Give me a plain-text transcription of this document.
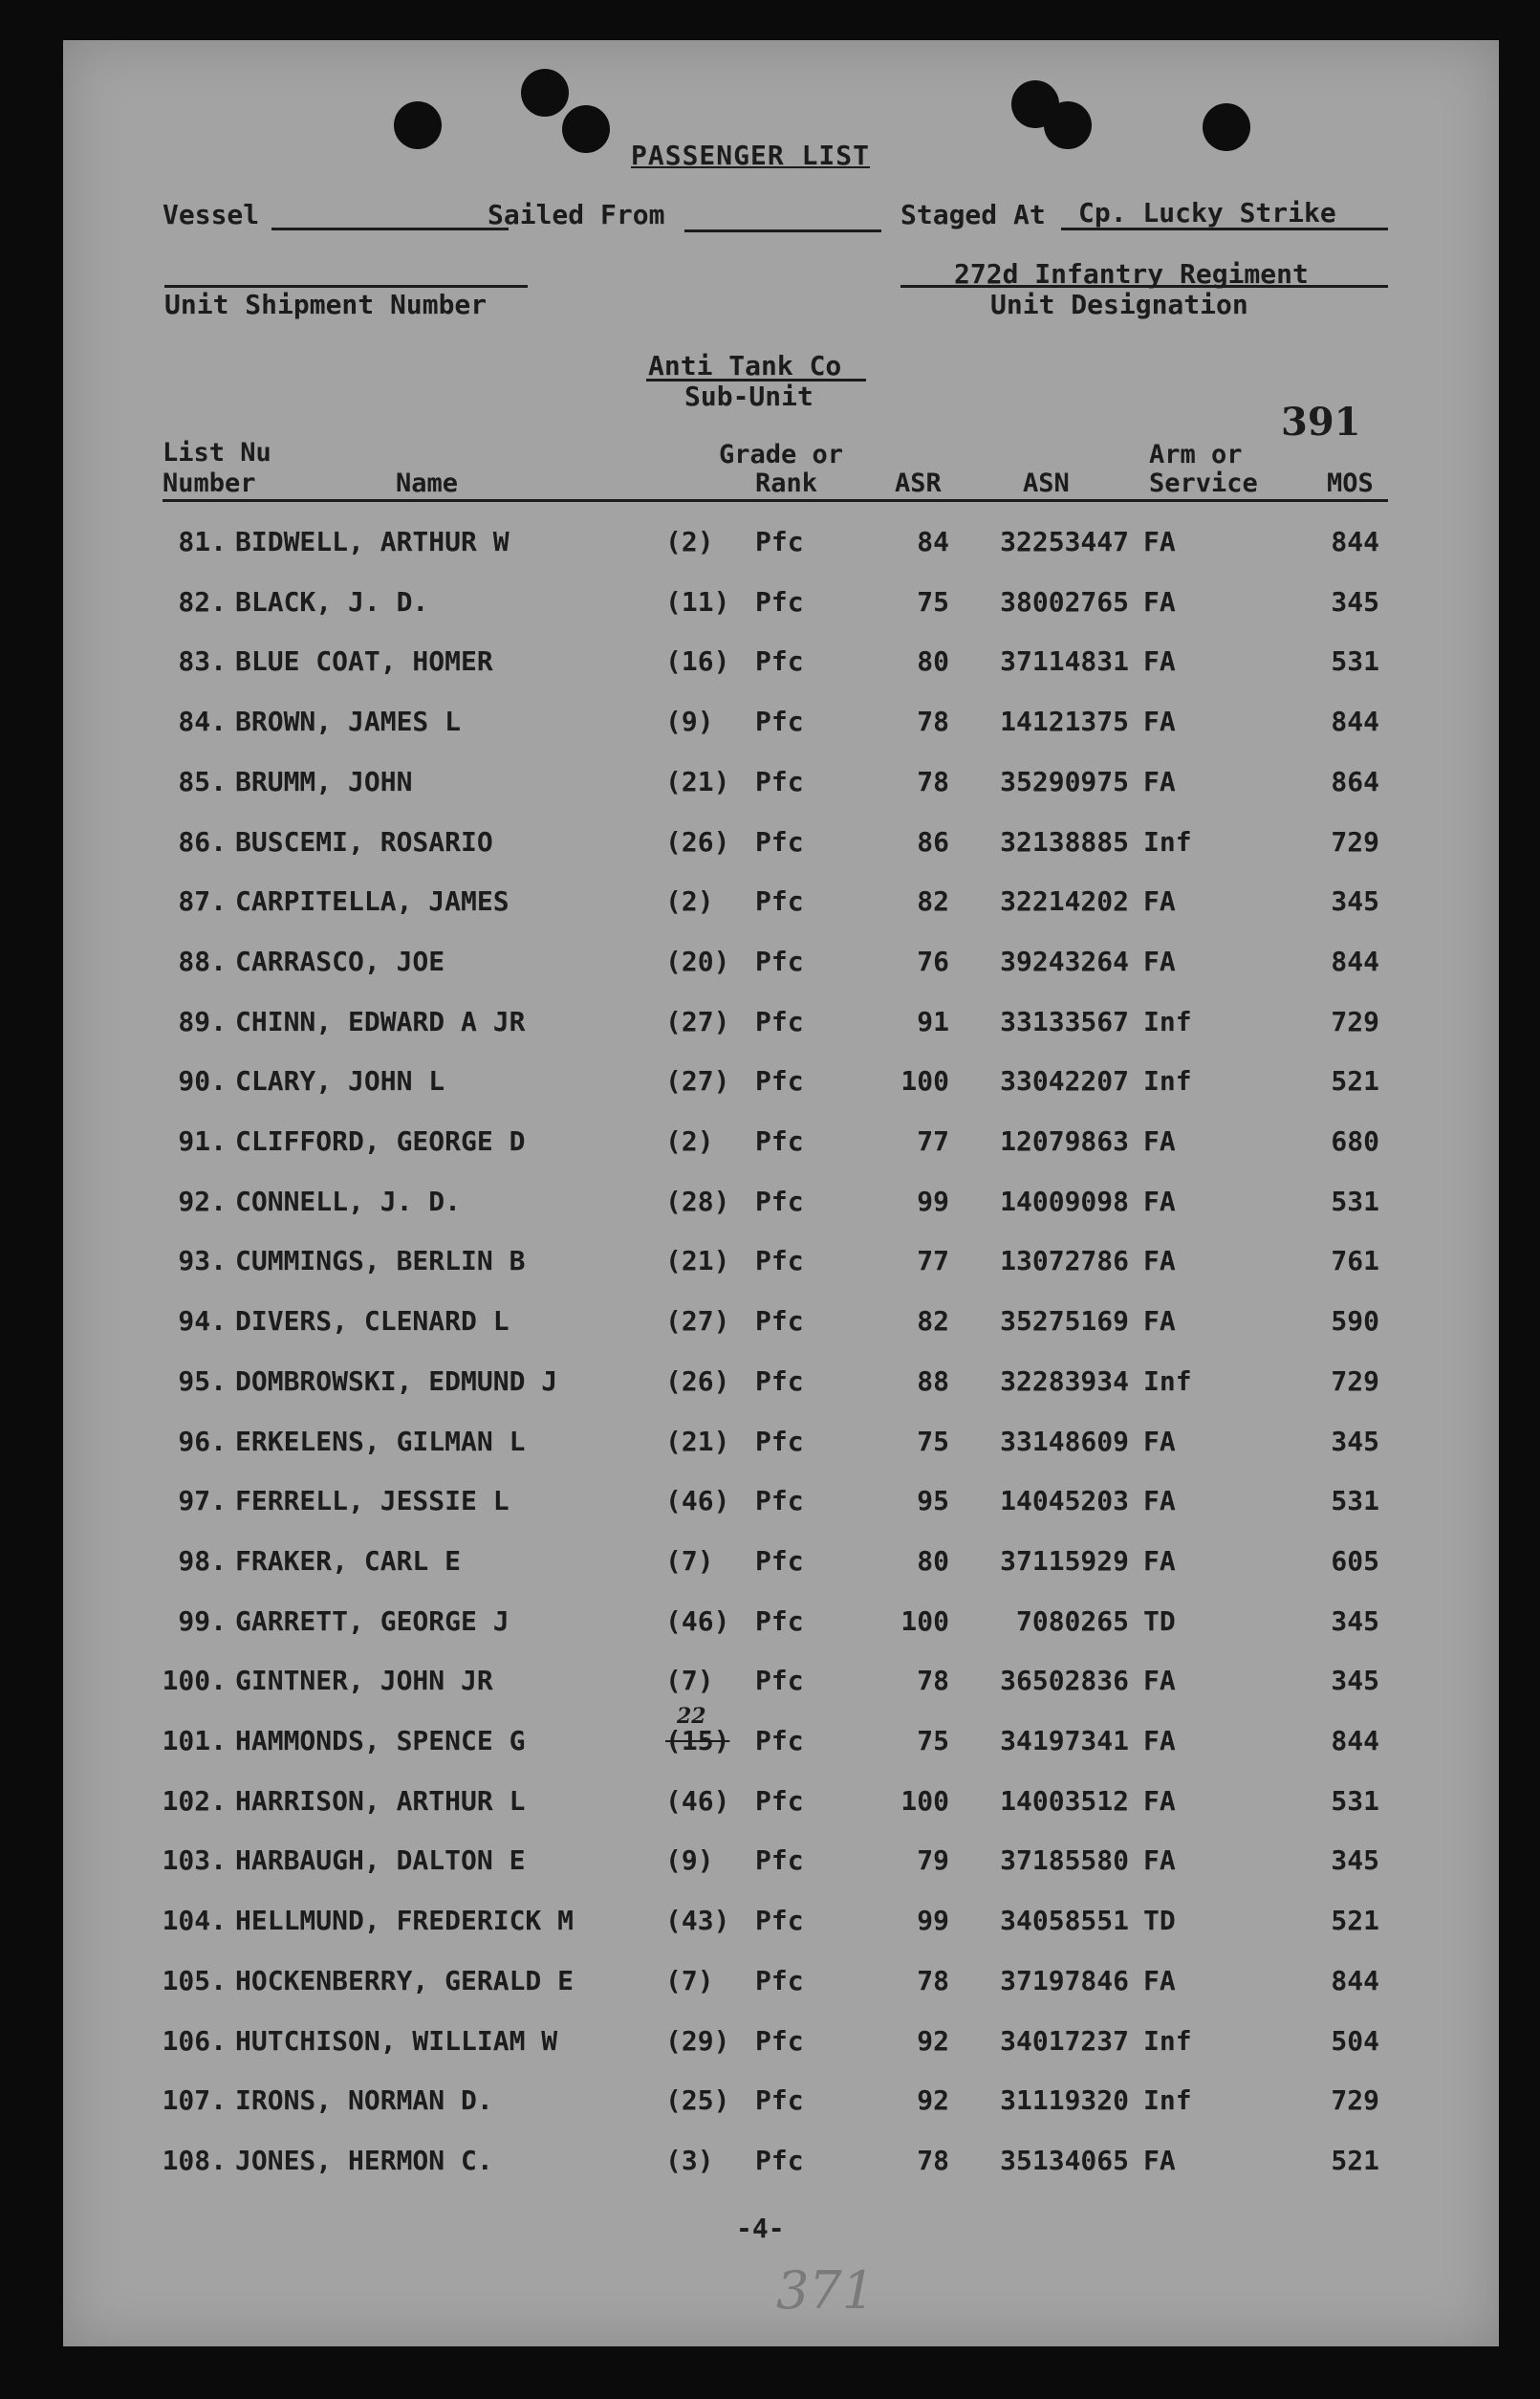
PASSENGER LIST
Vessel	Sailed From	Staged At Cp. Lucky Strike
Unit Shipment Number
272d Infantry Regiment
Unit Designation
Anti Tank Co
Sub-Unit
391
List Nu
Number	Name
Grade or
Rank	ASR	ASN
Arm or
Service	MOS
81. BIDWELL, ARTHUR W	(2) Pfc	84 32253447 FA	844
82. BLACK, J. D.	(11) Pfc	75 38002765 FA	345
83. BLUE COAT, HOMER	(16) Pfc	80 37114831 FA	531
84. BROWN, JAMES L	(9) Pfc	78 14121375 FA	844
85. BRUMM, JOHN	(21) Pfc	78 35290975 FA	864
86. BUSCEMI, ROSARIO	(26) Pfc	86 32138885 Inf	729
87. CARPITELLA, JAMES	(2) Pfc	82 32214202 FA	345
88. CARRASCO, JOE	(20) Pfc	76 39243264 FA	844
89. CHINN, EDWARD A JR	(27) Pfc	91 33133567 Inf	729
90. CLARY, JOHN L	(27) Pfc	100 33042207 Inf	521
91. CLIFFORD, GEORGE D	(2) Pfc	77 12079863 FA	680
92. CONNELL, J. D.	(28) Pfc	99 14009098 FA	531
93. CUMMINGS, BERLIN B	(21) Pfc	77 13072786 FA	761
94. DIVERS, CLENARD L	(27) Pfc	82 35275169 FA	590
95. DOMBROWSKI, EDMUND J	(26) Pfc	88 32283934 Inf	729
96. ERKELENS, GILMAN L	(21) Pfc	75 33148609 FA	345
97. FERRELL, JESSIE L	(46) Pfc	95 14045203 FA	531
98. FRAKER, CARL E	(7) Pfc	80 37115929 FA	605
99. GARRETT, GEORGE J	(46) Pfc	100 7080265 TD	345
100. GINTNER, JOHN JR	(7) Pfc	78 36502836 FA	345
101. HAMMONDS, SPENCE G	(15) Pfc	75 34197341 FA	844
22
102. HARRISON, ARTHUR L	(46) Pfc	100 14003512 FA	531
103. HARBAUGH, DALTON E	(9) Pfc	79 37185580 FA	345
104. HELLMUND, FREDERICK M	(43) Pfc	99 34058551 TD	521
105. HOCKENBERRY, GERALD E	(7) Pfc	78 37197846 FA	844
106. HUTCHISON, WILLIAM W	(29) Pfc	92 34017237 Inf	504
107. IRONS, NORMAN D.	(25) Pfc	92 31119320 Inf	729
108. JONES, HERMON C.	(3) Pfc	78 35134065 FA	521
-4-
371
